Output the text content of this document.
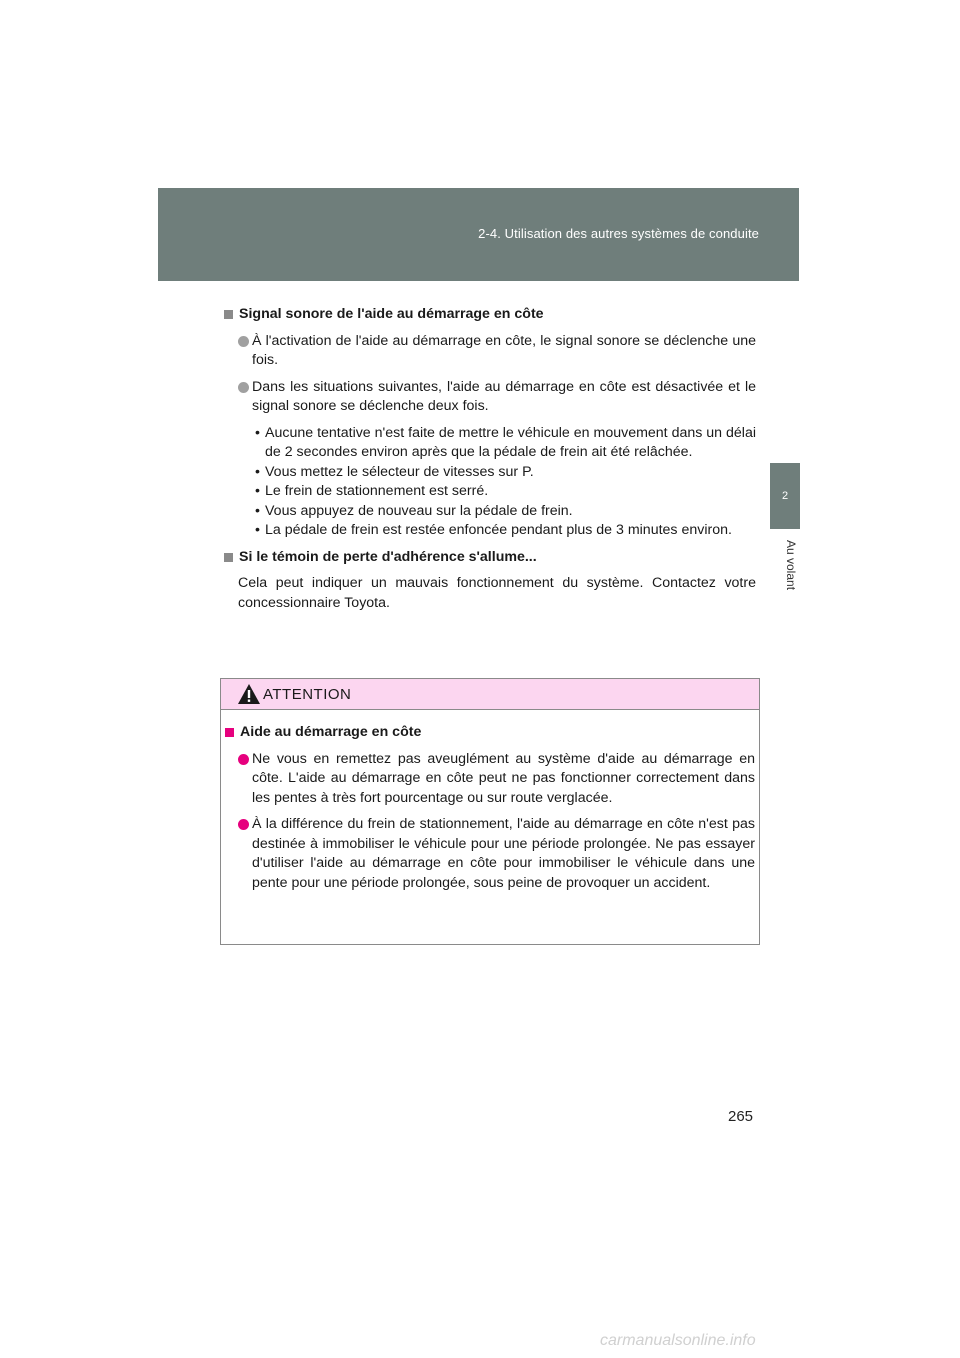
2-4. Utilisation des autres systèmes de conduite
2
Au volant
Signal sonore de l'aide au démarrage en côte
À l'activation de l'aide au démarrage en côte, le signal sonore se déclenche une fois.
Dans les situations suivantes, l'aide au démarrage en côte est désactivée et le signal sonore se déclenche deux fois.
• Aucune tentative n'est faite de mettre le véhicule en mouvement dans un délai de 2 secondes environ après que la pédale de frein ait été relâchée.
• Vous mettez le sélecteur de vitesses sur P.
• Le frein de stationnement est serré.
• Vous appuyez de nouveau sur la pédale de frein.
• La pédale de frein est restée enfoncée pendant plus de 3 minutes environ.
Si le témoin de perte d'adhérence s'allume...

Cela peut indiquer un mauvais fonctionnement du système. Contactez votre concessionnaire Toyota.

ATTENTION
Aide au démarrage en côte
Ne vous en remettez pas aveuglément au système d'aide au démarrage en côte. L'aide au démarrage en côte peut ne pas fonctionner correctement dans les pentes à très fort pourcentage ou sur route verglacée.
À la différence du frein de stationnement, l'aide au démarrage en côte n'est pas destinée à immobiliser le véhicule pour une période prolongée. Ne pas essayer d'utiliser l'aide au démarrage en côte pour immobiliser le véhicule dans une pente pour une période prolongée, sous peine de provoquer un accident.
265
carmanualsonline.info
